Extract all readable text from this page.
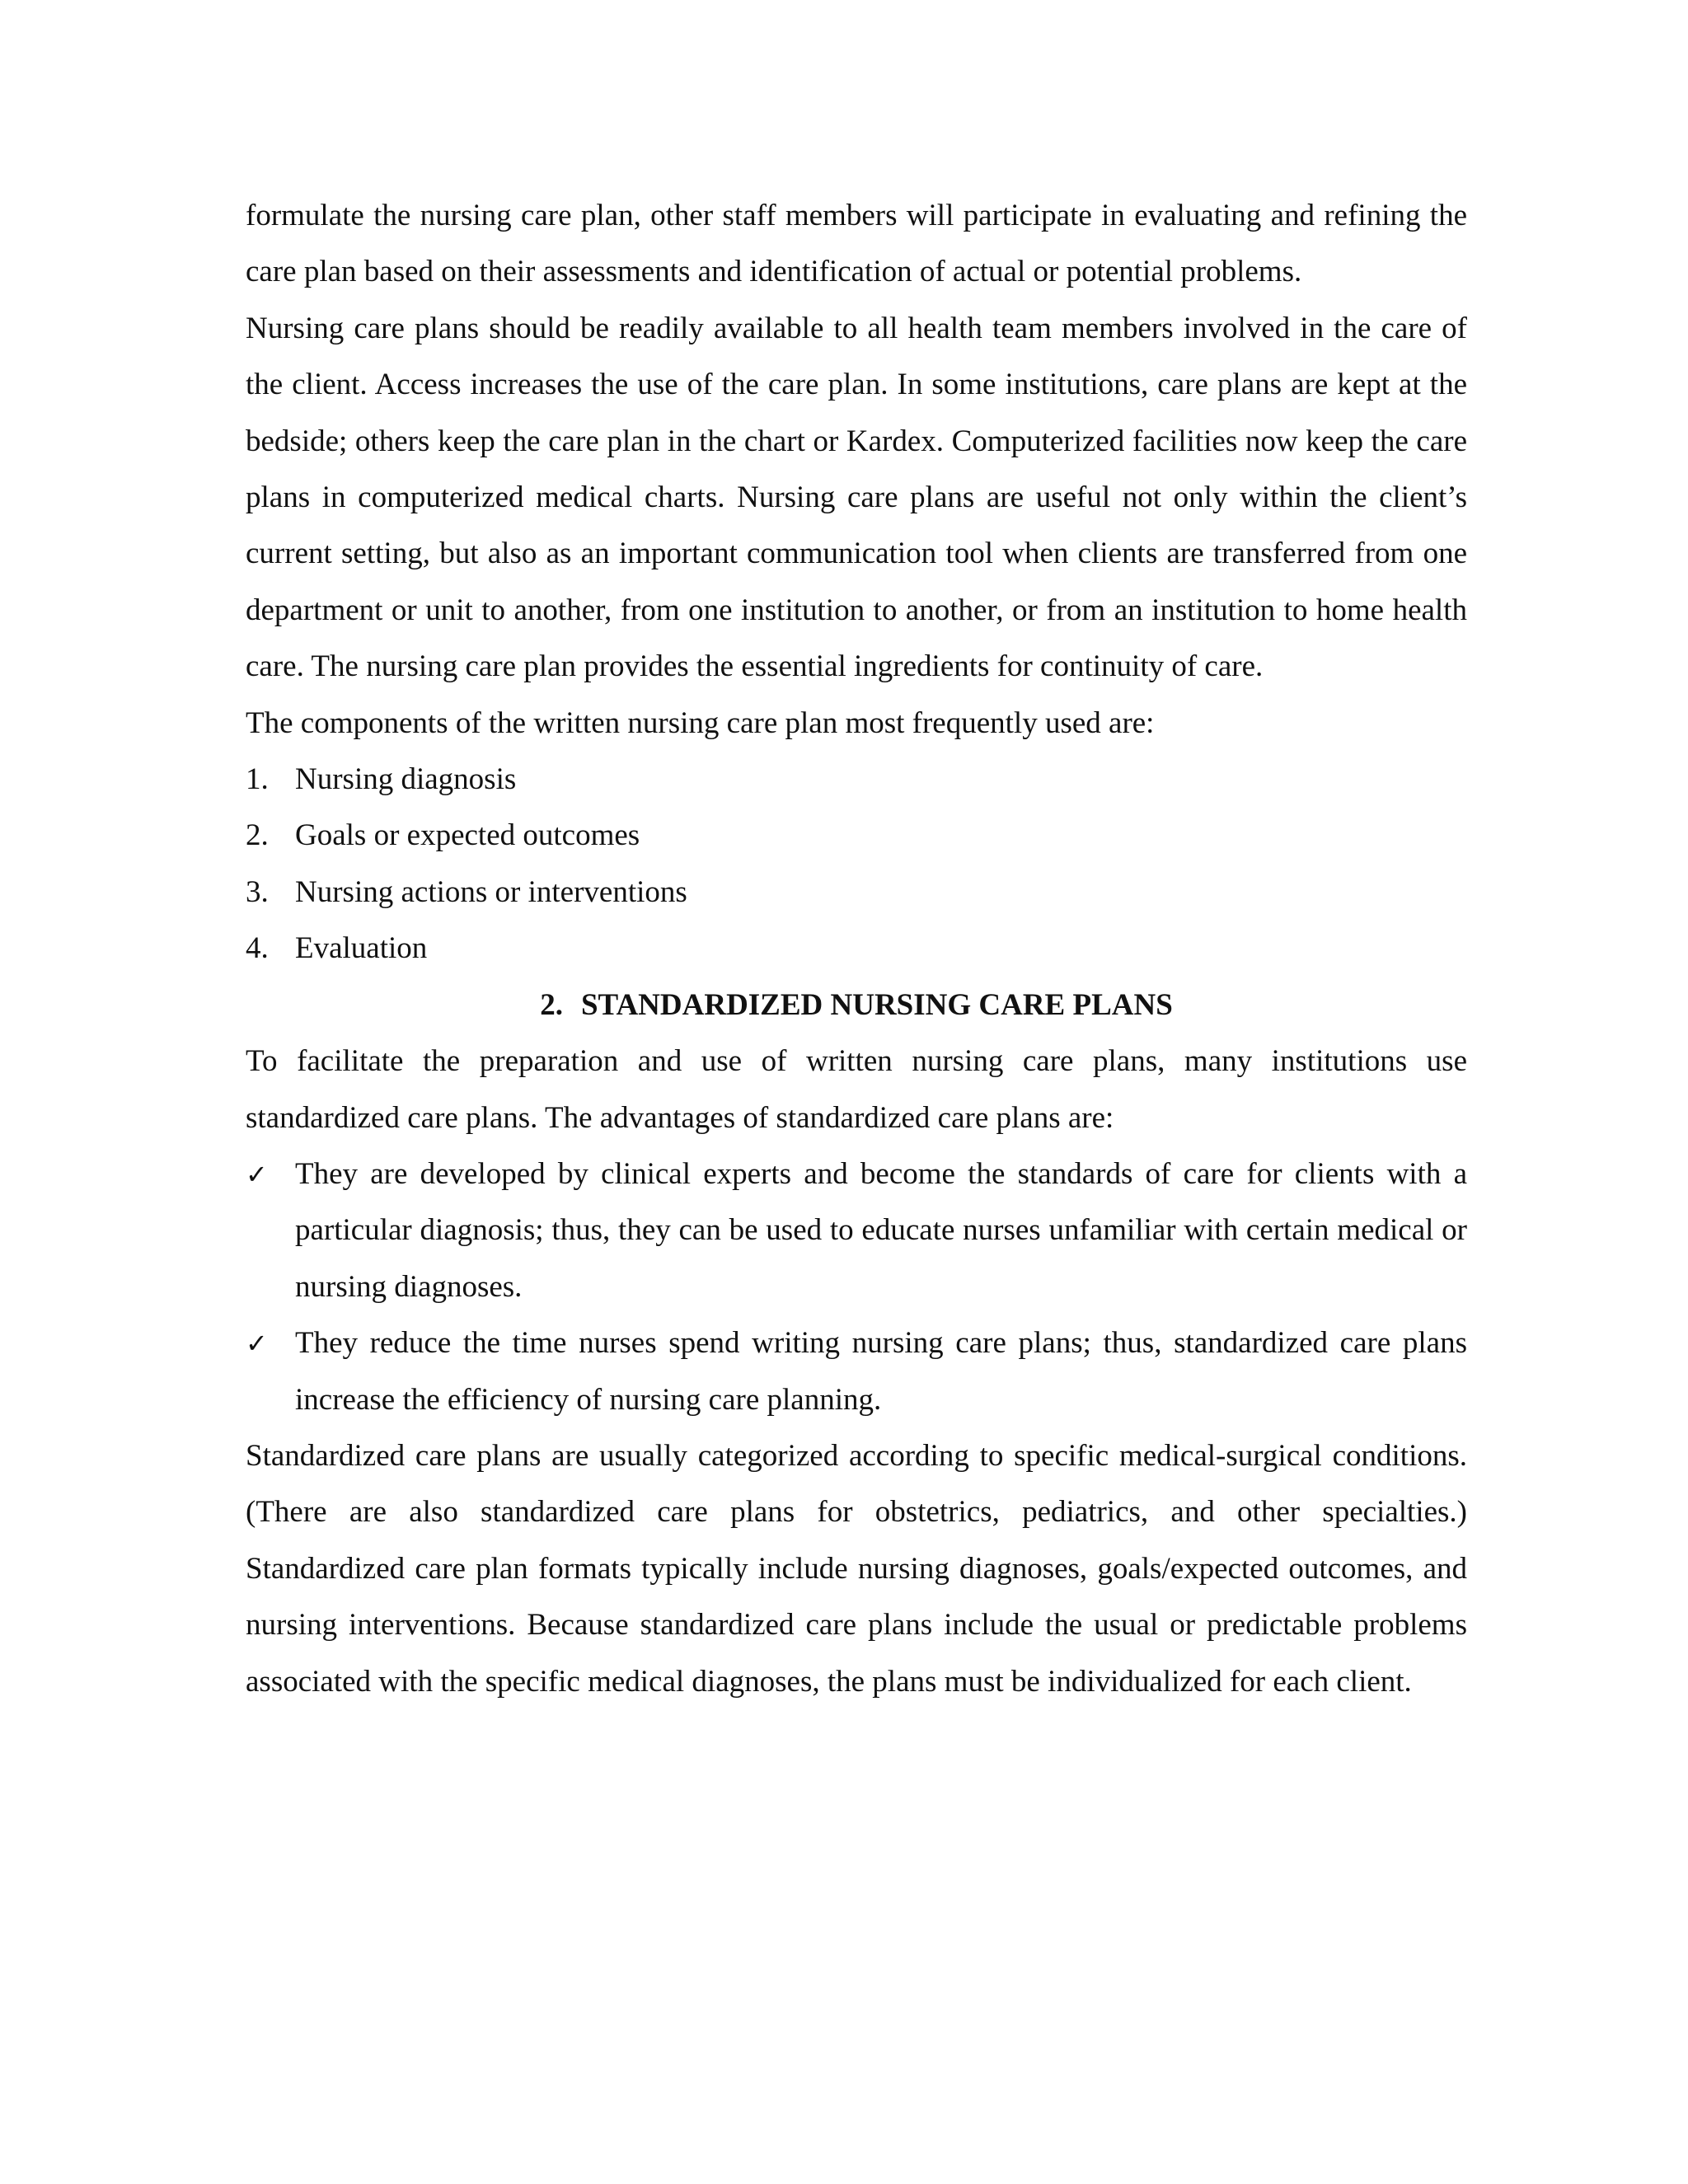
formulate the nursing care plan, other staff members will participate in evaluating and refining the care plan based on their assessments and identification of actual or potential problems.

Nursing care plans should be readily available to all health team members involved in the care of the client. Access increases the use of the care plan. In some institutions, care plans are kept at the bedside; others keep the care plan in the chart or Kardex. Computerized facilities now keep the care plans in computerized medical charts. Nursing care plans are useful not only within the client’s current setting, but also as an important communication tool when clients are transferred from one department or unit to another, from one institution to another, or from an institution to home health care. The nursing care plan provides the essential ingredients for continuity of care.

The components of the written nursing care plan most frequently used are:

1. Nursing diagnosis
2. Goals or expected outcomes
3. Nursing actions or interventions
4. Evaluation
2. STANDARDIZED NURSING CARE PLANS

To facilitate the preparation and use of written nursing care plans, many institutions use standardized care plans. The advantages of standardized care plans are:

✓ They are developed by clinical experts and become the standards of care for clients with a particular diagnosis; thus, they can be used to educate nurses unfamiliar with certain medical or nursing diagnoses.
✓ They reduce the time nurses spend writing nursing care plans; thus, standardized care plans increase the efficiency of nursing care planning.

Standardized care plans are usually categorized according to specific medical-surgical conditions. (There are also standardized care plans for obstetrics, pediatrics, and other specialties.) Standardized care plan formats typically include nursing diagnoses, goals/expected outcomes, and nursing interventions. Because standardized care plans include the usual or predictable problems associated with the specific medical diagnoses, the plans must be individualized for each client.
